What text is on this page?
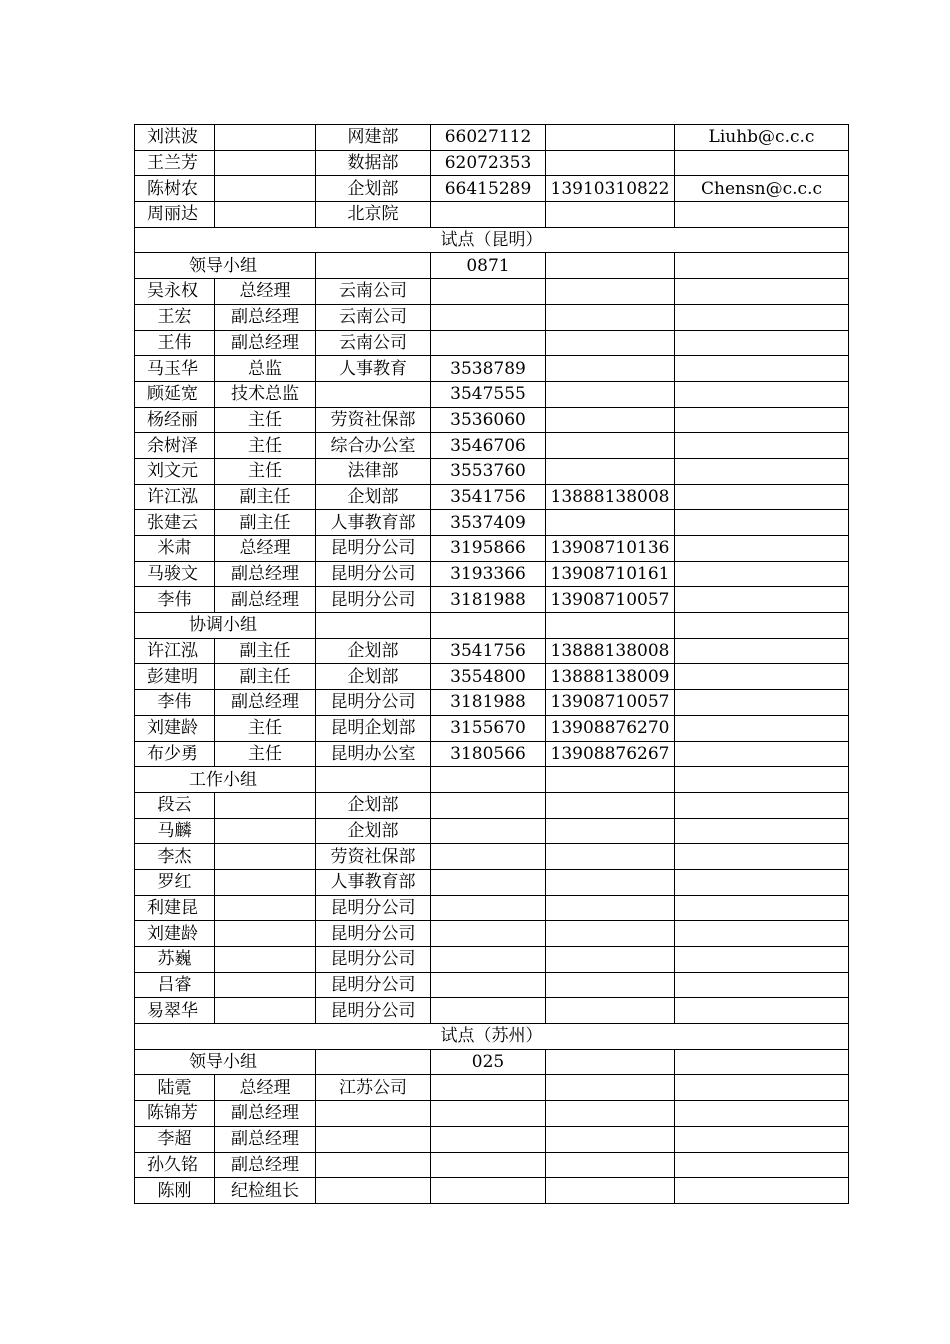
刘洪波		网建部	66027112		Liuhb@c.c.c
王兰芳		数据部	62072353		
陈树农		企划部	66415289	13910310822	Chensn@c.c.c
周丽达		北京院			
试点（昆明）					
领导小组			0871		
吴永权	总经理	云南公司			
王宏	副总经理	云南公司			
王伟	副总经理	云南公司			
马玉华	总监	人事教育	3538789		
顾延宽	技术总监		3547555		
杨经丽	主任	劳资社保部	3536060		
余树泽	主任	综合办公室	3546706		
刘文元	主任	法律部	3553760		
许江泓	副主任	企划部	3541756	13888138008	
张建云	副主任	人事教育部	3537409		
米肃	总经理	昆明分公司	3195866	13908710136	
马骏文	副总经理	昆明分公司	3193366	13908710161	
李伟	副总经理	昆明分公司	3181988	13908710057	
协调小组					
许江泓	副主任	企划部	3541756	13888138008	
彭建明	副主任	企划部	3554800	13888138009	
李伟	副总经理	昆明分公司	3181988	13908710057	
刘建龄	主任	昆明企划部	3155670	13908876270	
布少勇	主任	昆明办公室	3180566	13908876267	
工作小组					
段云		企划部			
马麟		企划部			
李杰		劳资社保部			
罗红		人事教育部			
利建昆		昆明分公司			
刘建龄		昆明分公司			
苏巍		昆明分公司			
吕睿		昆明分公司			
易翠华		昆明分公司			
试点（苏州）					
领导小组			025		
陆霓	总经理	江苏公司			
陈锦芳	副总经理				
李超	副总经理				
孙久铭	副总经理				
陈刚	纪检组长				
